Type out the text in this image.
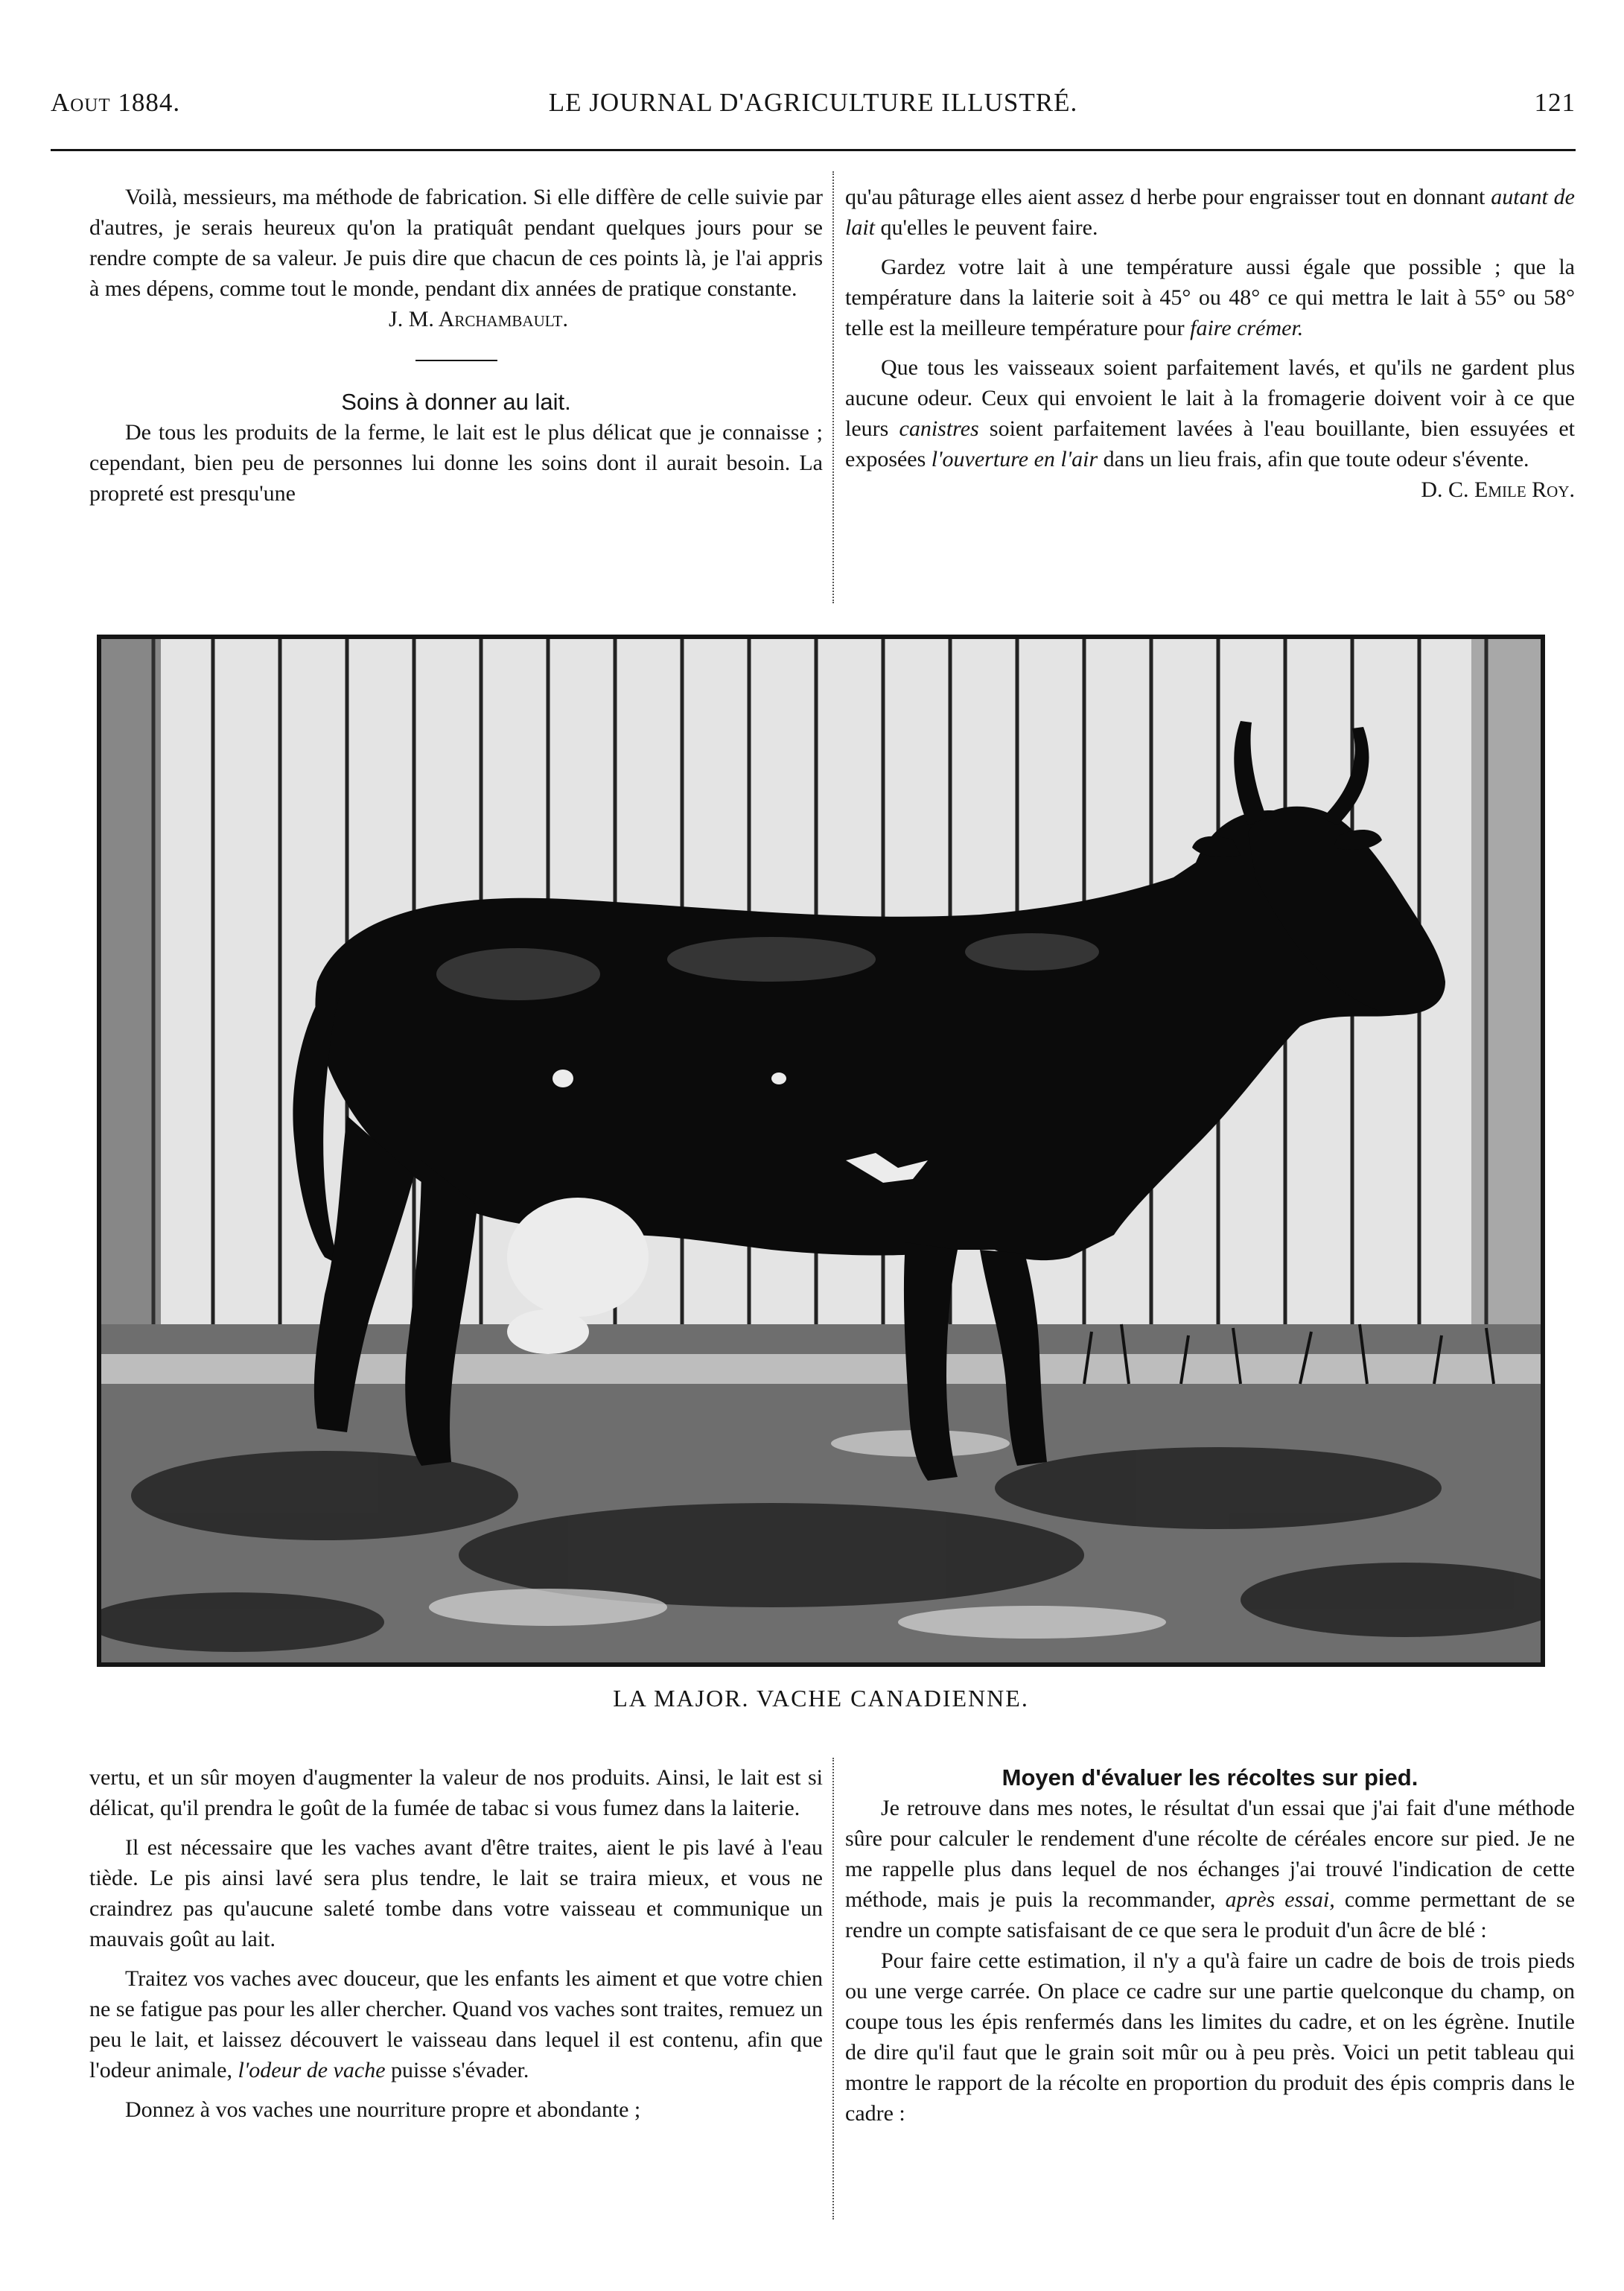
Aout 1884.	LE JOURNAL D'AGRICULTURE ILLUSTRÉ.	121

Voilà, messieurs, ma méthode de fabrication. Si elle diffère de celle suivie par d'autres, je serais heureux qu'on la pratiquât pendant quelques jours pour se rendre compte de sa valeur. Je puis dire que chacun de ces points là, je l'ai appris à mes dépens, comme tout le monde, pendant dix années de pratique constante.

J. M. Archambault.

Soins à donner au lait.

De tous les produits de la ferme, le lait est le plus délicat que je connaisse ; cependant, bien peu de personnes lui donne les soins dont il aurait besoin. La propreté est presqu'une

qu'au pâturage elles aient assez d herbe pour engraisser tout en donnant autant de lait qu'elles le peuvent faire.

Gardez votre lait à une température aussi égale que possible ; que la température dans la laiterie soit à 45° ou 48° ce qui mettra le lait à 55° ou 58° telle est la meilleure température pour faire crémer.

Que tous les vaisseaux soient parfaitement lavés, et qu'ils ne gardent plus aucune odeur. Ceux qui envoient le lait à la fromagerie doivent voir à ce que leurs canistres soient parfaitement lavées à l'eau bouillante, bien essuyées et exposées l'ouverture en l'air dans un lieu frais, afin que toute odeur s'évente.

D. C. Emile Roy.

LA MAJOR. VACHE CANADIENNE.

vertu, et un sûr moyen d'augmenter la valeur de nos produits. Ainsi, le lait est si délicat, qu'il prendra le goût de la fumée de tabac si vous fumez dans la laiterie.

Il est nécessaire que les vaches avant d'être traites, aient le pis lavé à l'eau tiède. Le pis ainsi lavé sera plus tendre, le lait se traira mieux, et vous ne craindrez pas qu'aucune saleté tombe dans votre vaisseau et communique un mauvais goût au lait.

Traitez vos vaches avec douceur, que les enfants les aiment et que votre chien ne se fatigue pas pour les aller chercher. Quand vos vaches sont traites, remuez un peu le lait, et laissez découvert le vaisseau dans lequel il est contenu, afin que l'odeur animale, l'odeur de vache puisse s'évader.

Donnez à vos vaches une nourriture propre et abondante ;

Moyen d'évaluer les récoltes sur pied.

Je retrouve dans mes notes, le résultat d'un essai que j'ai fait d'une méthode sûre pour calculer le rendement d'une récolte de céréales encore sur pied. Je ne me rappelle plus dans lequel de nos échanges j'ai trouvé l'indication de cette méthode, mais je puis la recommander, après essai, comme permettant de se rendre un compte satisfaisant de ce que sera le produit d'un âcre de blé :

Pour faire cette estimation, il n'y a qu'à faire un cadre de bois de trois pieds ou une verge carrée. On place ce cadre sur une partie quelconque du champ, on coupe tous les épis renfermés dans les limites du cadre, et on les égrène. Inutile de dire qu'il faut que le grain soit mûr ou à peu près. Voici un petit tableau qui montre le rapport de la récolte en proportion du produit des épis compris dans le cadre :
